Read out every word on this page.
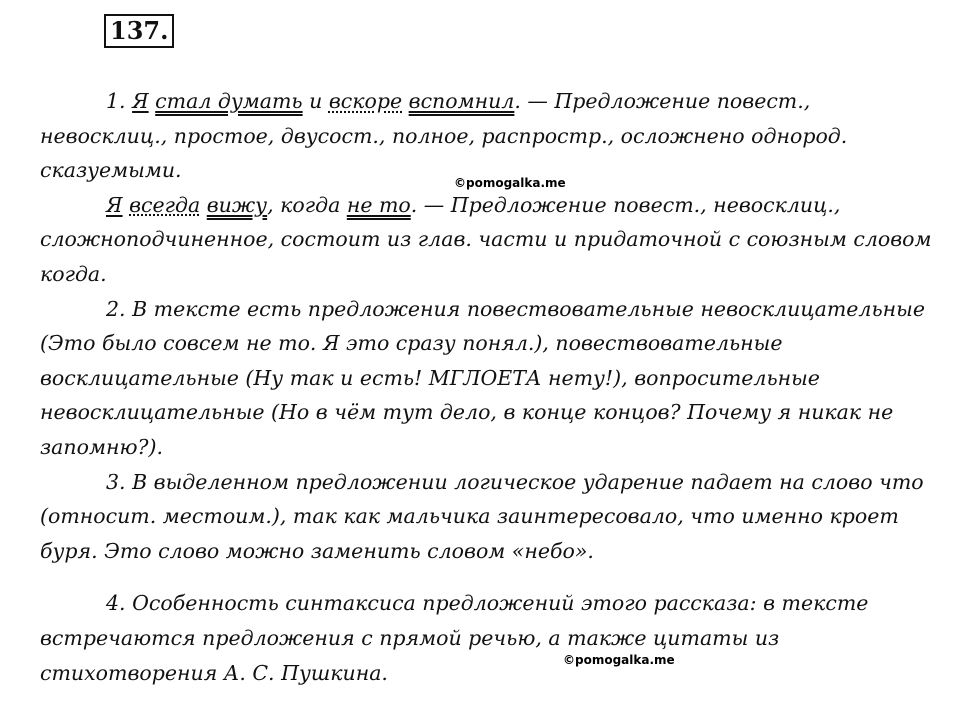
137.

1. Я стал думать и вскоре вспомнил. — Предложение повест., невосклиц., простое, двусост., полное, распростр., осложнено однород. сказуемыми.

Я всегда вижу, когда не то. — Предложение повест., невосклиц., сложноподчиненное, состоит из глав. части и придаточной с союзным словом когда.

2. В тексте есть предложения повествовательные невосклицательные (Это было совсем не то. Я это сразу понял.), повествовательные восклицательные (Ну так и есть! МГЛОЕТА нету!), вопросительные невосклицательные (Но в чём тут дело, в конце концов? Почему я никак не запомню?).

3. В выделенном предложении логическое ударение падает на слово что (относит. местоим.), так как мальчика заинтересовало, что именно кроет буря. Это слово можно заменить словом «небо».

4. Особенность синтаксиса предложений этого рассказа: в тексте встречаются предложения с прямой речью, а также цитаты из стихотворения А. С. Пушкина.

©pomogalka.me
©pomogalka.me
